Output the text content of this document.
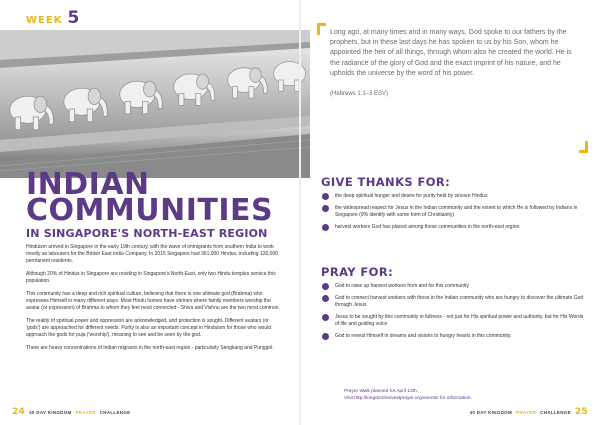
WEEK 5
INDIAN
COMMUNITIES
IN SINGAPORE'S NORTH-EAST REGION

Hinduism arrived in Singapore in the early 19th century, with the wave of immigrants from southern India to work mostly as labourers for the British East India Company. In 2015 Singapore had 361,000 Hindus, including 120,000 permanent residents.

Although 20% of Hindus in Singapore are residing in Singapore's North-East, only two Hindu temples service this population.

This community has a deep and rich spiritual culture, believing that there is one ultimate god (Brahma) who expresses Himself in many different ways. Most Hindu homes have shrines where family members worship the avatar (or expression) of Brahma to whom they feel most connected - Shiva and Vishnu are the two most common.

The reality of spiritual power and oppression are acknowledged, and protection is sought. Different avatars (or 'gods') are approached for different needs. Purity is also an important concept in Hinduism for those who would approach the gods for puja ('worship'), meaning to see and be seen by the god.

There are heavy concentrations of Indian migrants in the north-east region - particularly Sengkang and Punggol.

24 40 DAY KINGDOM PRAYER CHALLENGE

Long ago, at many times and in many ways, God spoke to our fathers by the prophets, but in these last days he has spoken to us by his Son, whom he appointed the heir of all things, through whom also he created the world. He is the radiance of the glory of God and the exact imprint of his nature, and he upholds the universe by the word of his power.

(Hebrews 1:1–3 ESV)

GIVE THANKS FOR:
the deep spiritual hunger and desire for purity held by sincere Hindus
the widespread respect for Jesus in the Indian community and the extent to which He is followed by Indians in Singapore (9% identify with some form of Christianity)
harvest workers God has placed among these communities in the north-east region.
PRAY FOR:
God to raise up harvest workers from and for this community
God to connect harvest workers with those in the Indian community who are hungry to discover the ultimate God through Jesus
Jesus to be sought by this community in fullness - not just for His spiritual power and authority, but for His Words of life and guiding voice
God to reveal Himself in dreams and visions to hungry hearts in this community.
Prayer Walk planned for April 12th.
Visit http://kingdomharvestprayer.org/events/ for information.
40 DAY KINGDOM PRAYER CHALLENGE 25
